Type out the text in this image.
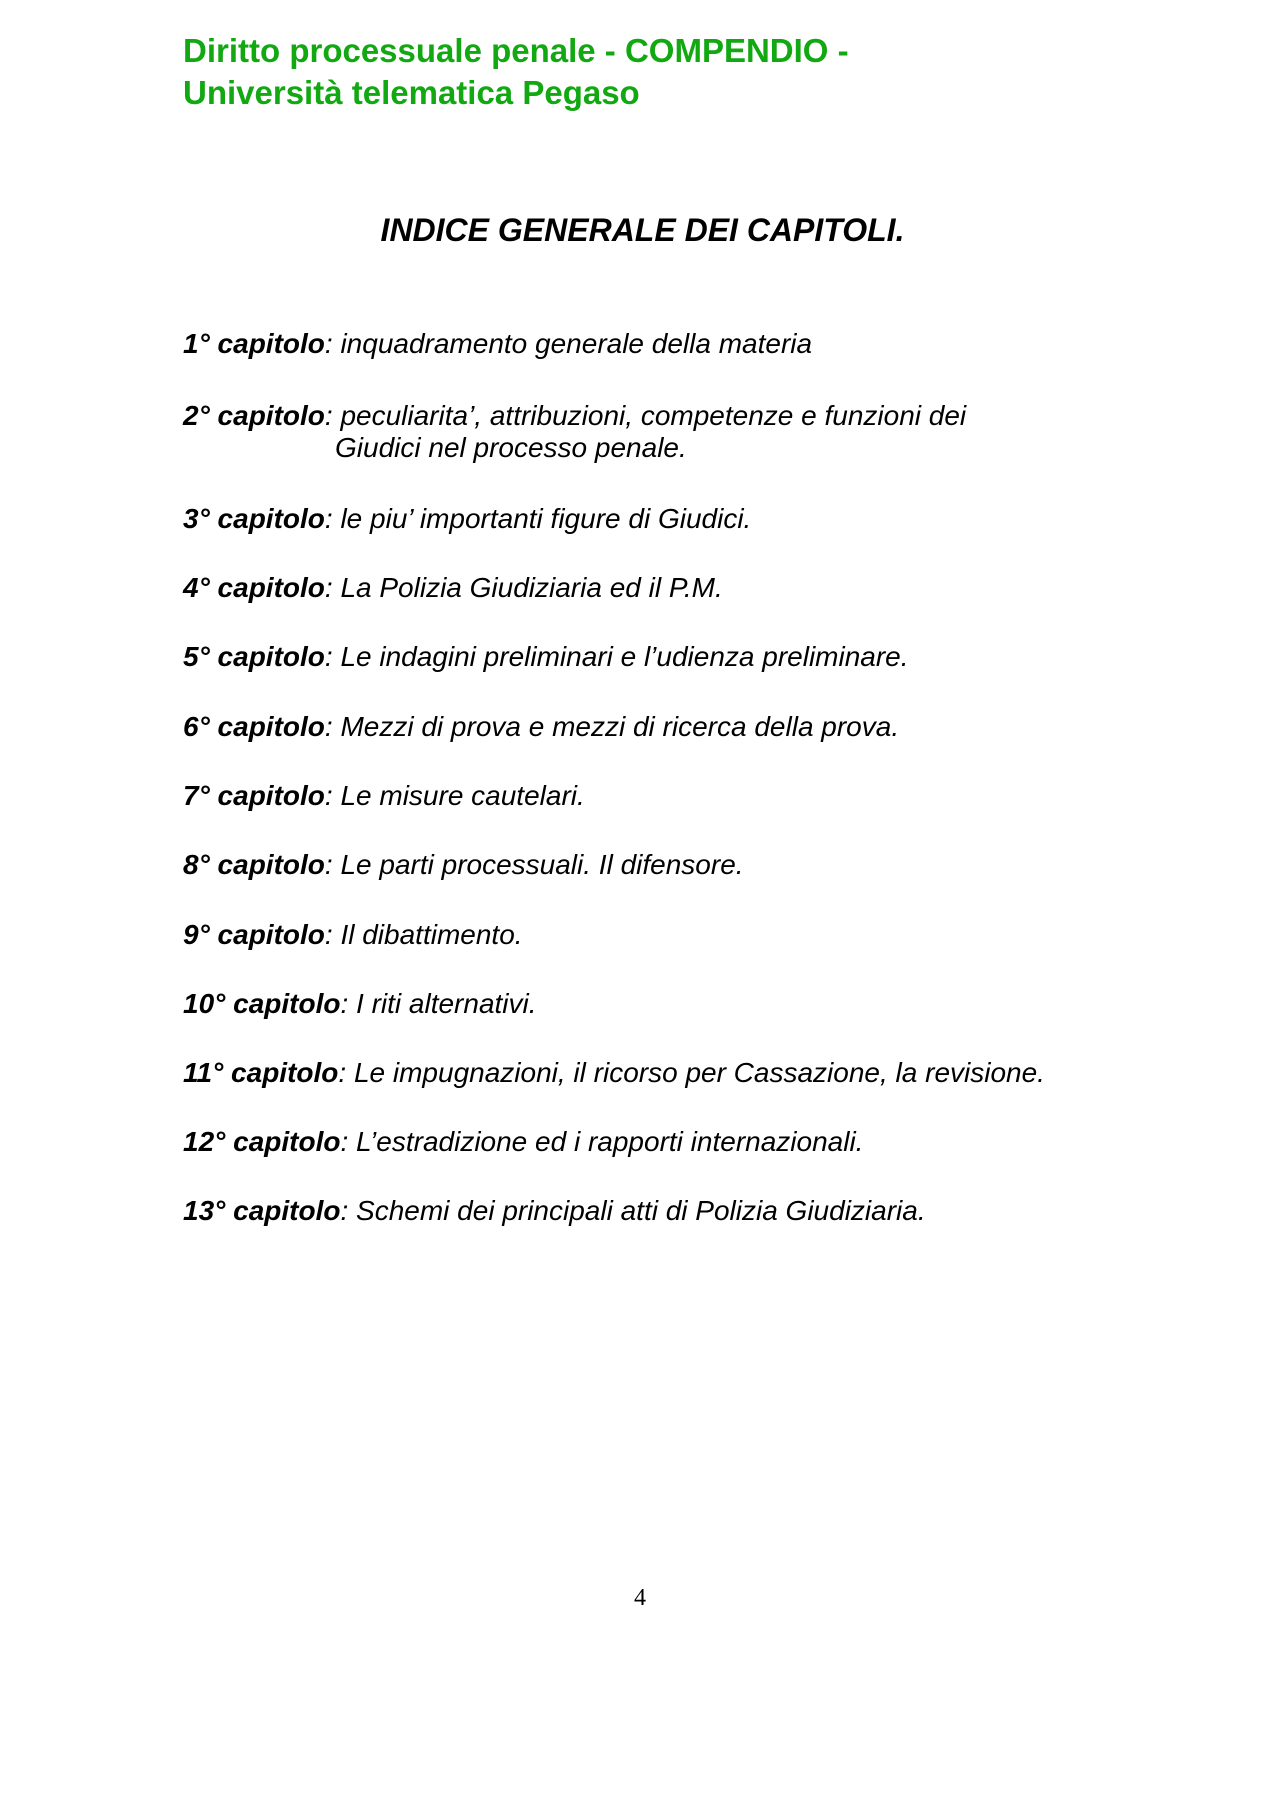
Diritto processuale penale - COMPENDIO -
Università telematica Pegaso
INDICE GENERALE DEI CAPITOLI.
1° capitolo: inquadramento generale della materia
2° capitolo: peculiarita’, attribuzioni, competenze e funzioni dei
Giudici nel processo penale.
3° capitolo: le piu’ importanti figure di Giudici.
4° capitolo: La Polizia Giudiziaria ed il P.M.
5° capitolo: Le indagini preliminari e l’udienza preliminare.
6° capitolo: Mezzi di prova e mezzi di ricerca della prova.
7° capitolo: Le misure cautelari.
8° capitolo: Le parti processuali. Il difensore.
9° capitolo: Il dibattimento.
10° capitolo: I riti alternativi.
11° capitolo: Le impugnazioni, il ricorso per Cassazione, la revisione.
12° capitolo: L’estradizione ed i rapporti internazionali.
13° capitolo: Schemi dei principali atti di Polizia Giudiziaria.
4
